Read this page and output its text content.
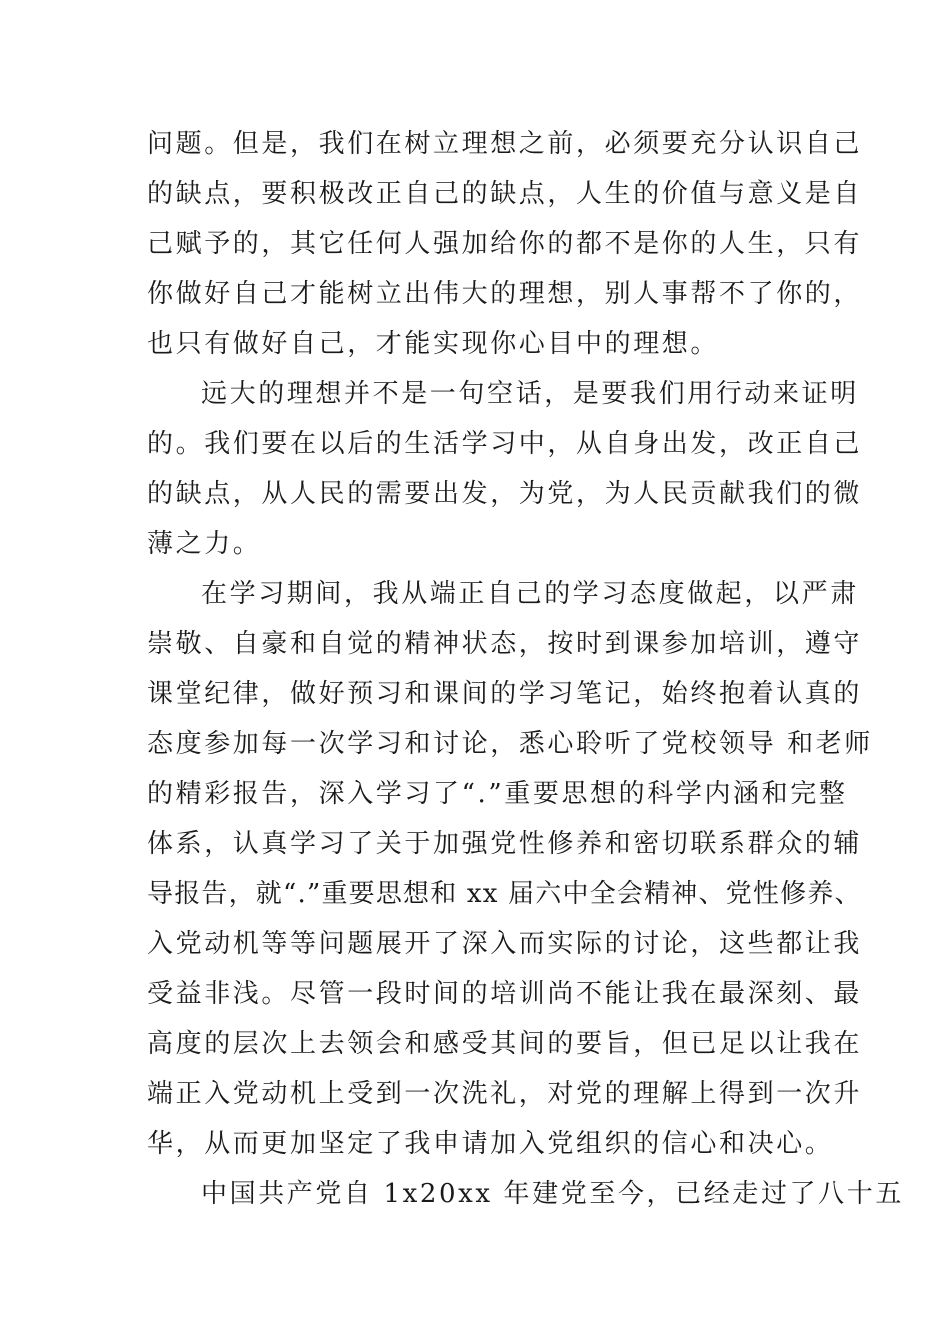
问题。但是，我们在树立理想之前，必须要充分认识自己
的缺点，要积极改正自己的缺点，人生的价值与意义是自
己赋予的，其它任何人强加给你的都不是你的人生，只有
你做好自己才能树立出伟大的理想，别人事帮不了你的，
也只有做好自己，才能实现你心目中的理想。
远大的理想并不是一句空话，是要我们用行动来证明
的。我们要在以后的生活学习中，从自身出发，改正自己
的缺点，从人民的需要出发，为党，为人民贡献我们的微
薄之力。
在学习期间，我从端正自己的学习态度做起，以严肃
崇敬、自豪和自觉的精神状态，按时到课参加培训，遵守
课堂纪律，做好预习和课间的学习笔记，始终抱着认真的
态度参加每一次学习和讨论，悉心聆听了党校领导 和老师
的精彩报告，深入学习了“.”重要思想的科学内涵和完整
体系，认真学习了关于加强党性修养和密切联系群众的辅
导报告，就“.”重要思想和 xx 届六中全会精神、党性修养、
入党动机等等问题展开了深入而实际的讨论，这些都让我
受益非浅。尽管一段时间的培训尚不能让我在最深刻、最
高度的层次上去领会和感受其间的要旨，但已足以让我在
端正入党动机上受到一次洗礼，对党的理解上得到一次升
华，从而更加坚定了我申请加入党组织的信心和决心。
中国共产党自 1x20xx 年建党至今，已经走过了八十五
